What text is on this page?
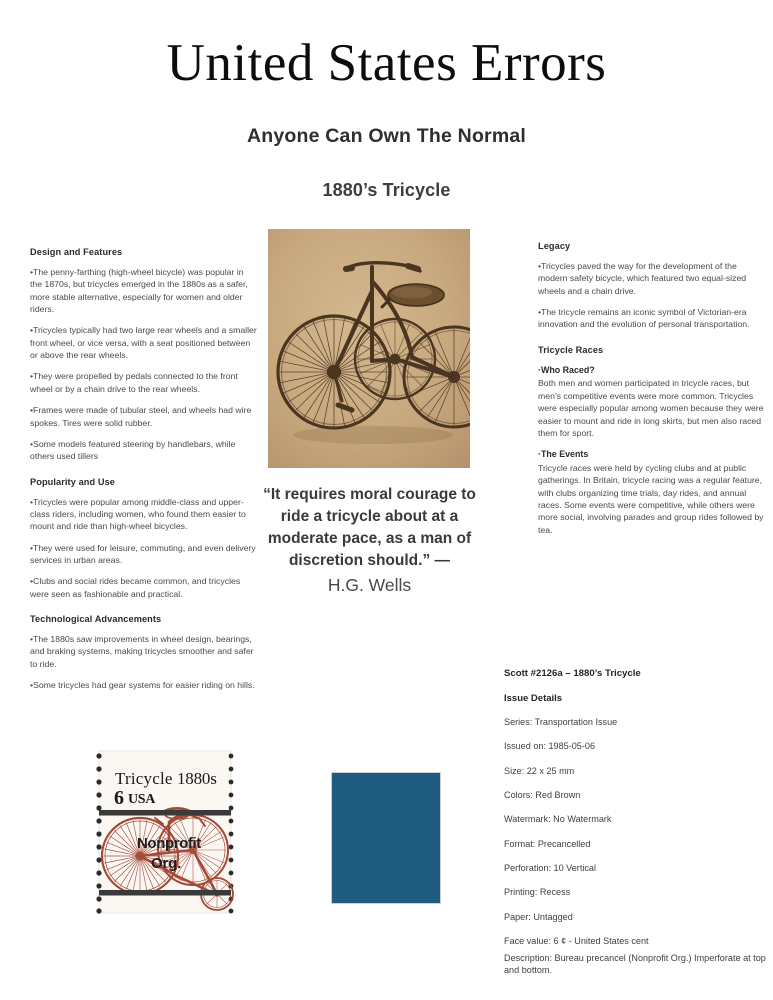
United States Errors
Anyone Can Own The Normal
1880’s Tricycle
Design and Features

•The penny-farthing (high-wheel bicycle) was popular in the 1870s, but tricycles emerged in the 1880s as a safer, more stable alternative, especially for women and older riders.

•Tricycles typically had two large rear wheels and a smaller front wheel, or vice versa, with a seat positioned between or above the rear wheels.

•They were propelled by pedals connected to the front wheel or by a chain drive to the rear wheels.

•Frames were made of tubular steel, and wheels had wire spokes. Tires were solid rubber.

•Some models featured steering by handlebars, while others used tillers

Popularity and Use

•Tricycles were popular among middle-class and upper-class riders, including women, who found them easier to mount and ride than high-wheel bicycles.

•They were used for leisure, commuting, and even delivery services in urban areas.

•Clubs and social rides became common, and tricycles were seen as fashionable and practical.

Technological Advancements

•The 1880s saw improvements in wheel design, bearings, and braking systems, making tricycles smoother and safer to ride.

•Some tricycles had gear systems for easier riding on hills.

Legacy

•Tricycles paved the way for the development of the modern safety bicycle, which featured two equal-sized wheels and a chain drive.

•The tricycle remains an iconic symbol of Victorian-era innovation and the evolution of personal transportation.

Tricycle Races
·Who Raced?

Both men and women participated in tricycle races, but men’s competitive events were more common. Tricycles were especially popular among women because they were easier to mount and ride in long skirts, but men also raced them for sport.

·The Events

Tricycle races were held by cycling clubs and at public gatherings. In Britain, tricycle racing was a regular feature, with clubs organizing time trials, day rides, and annual races. Some events were competitive, while others were more social, involving parades and group rides followed by tea.

“It requires moral courage to ride a tricycle about at a moderate pace, as a man of discretion should.” —

H.G. Wells

Tricycle 1880s
6 USA
Nonprofit
Org.
Scott #2126a – 1880’s Tricycle
Issue Details
Series: Transportation Issue
Issued on: 1985-05-06
Size: 22 x 25 mm
Colors: Red Brown
Watermark: No Watermark
Format: Precancelled
Perforation: 10 Vertical
Printing: Recess
Paper: Untagged
Face value: 6 ¢ - United States cent
Description: Bureau precancel (Nonprofit Org.) Imperforate at top and bottom.
